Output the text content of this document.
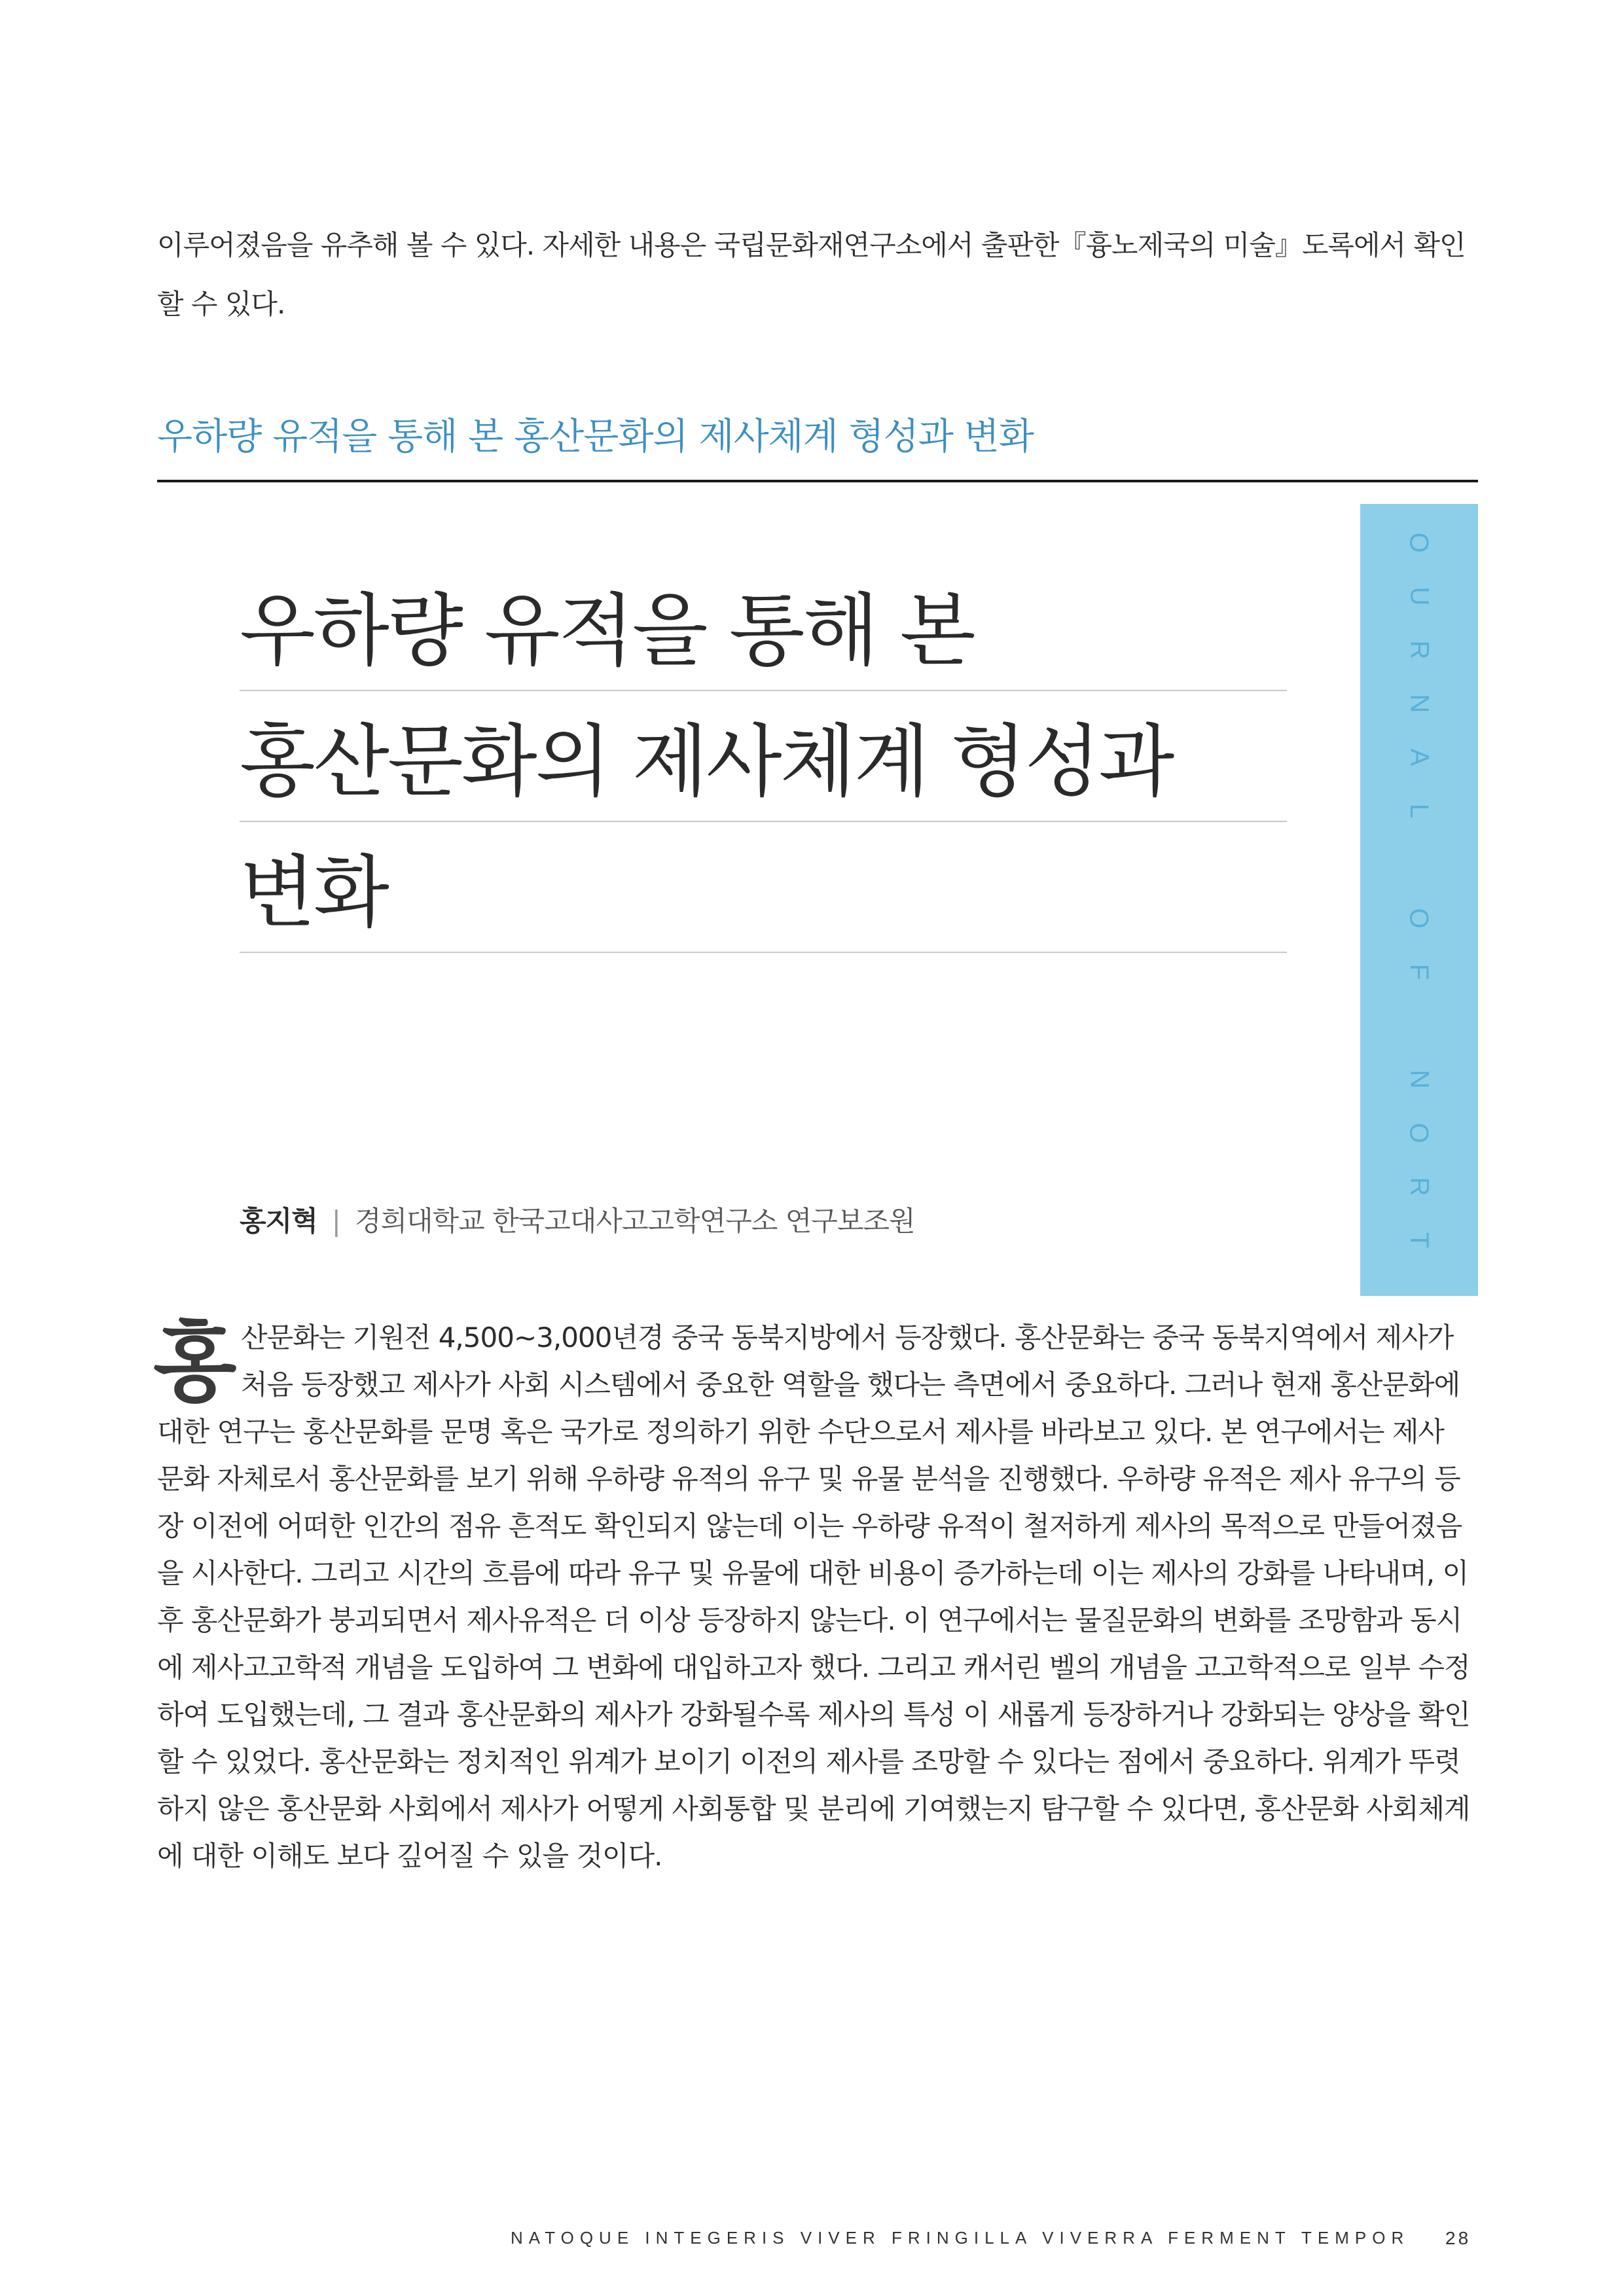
이루어졌음을 유추해 볼 수 있다. 자세한 내용은 국립문화재연구소에서 출판한『흉노제국의 미술』도록에서 확인
할 수 있다.

우하량 유적을 통해 본 홍산문화의 제사체계 형성과 변화
O
U
R
N
A
L
O
F
N
O
R
T
우하량 유적을 통해 본
홍산문화의 제사체계 형성과
변화
홍지혁 | 경희대학교 한국고대사고고학연구소 연구보조원
홍 산문화는 기원전 4,500~3,000년경 중국 동북지방에서 등장했다. 홍산문화는 중국 동북지역에서 제사가
처음 등장했고 제사가 사회 시스템에서 중요한 역할을 했다는 측면에서 중요하다. 그러나 현재 홍산문화에
대한 연구는 홍산문화를 문명 혹은 국가로 정의하기 위한 수단으로서 제사를 바라보고 있다. 본 연구에서는 제사
문화 자체로서 홍산문화를 보기 위해 우하량 유적의 유구 및 유물 분석을 진행했다. 우하량 유적은 제사 유구의 등
장 이전에 어떠한 인간의 점유 흔적도 확인되지 않는데 이는 우하량 유적이 철저하게 제사의 목적으로 만들어졌음
을 시사한다. 그리고 시간의 흐름에 따라 유구 및 유물에 대한 비용이 증가하는데 이는 제사의 강화를 나타내며, 이
후 홍산문화가 붕괴되면서 제사유적은 더 이상 등장하지 않는다. 이 연구에서는 물질문화의 변화를 조망함과 동시
에 제사고고학적 개념을 도입하여 그 변화에 대입하고자 했다. 그리고 캐서린 벨의 개념을 고고학적으로 일부 수정
하여 도입했는데, 그 결과 홍산문화의 제사가 강화될수록 제사의 특성 이 새롭게 등장하거나 강화되는 양상을 확인
할 수 있었다. 홍산문화는 정치적인 위계가 보이기 이전의 제사를 조망할 수 있다는 점에서 중요하다. 위계가 뚜렷
하지 않은 홍산문화 사회에서 제사가 어떻게 사회통합 및 분리에 기여했는지 탐구할 수 있다면, 홍산문화 사회체계
에 대한 이해도 보다 깊어질 수 있을 것이다.
NATOQUE INTEGERIS VIVER FRINGILLA VIVERRA FERMENT TEMPOR 28
